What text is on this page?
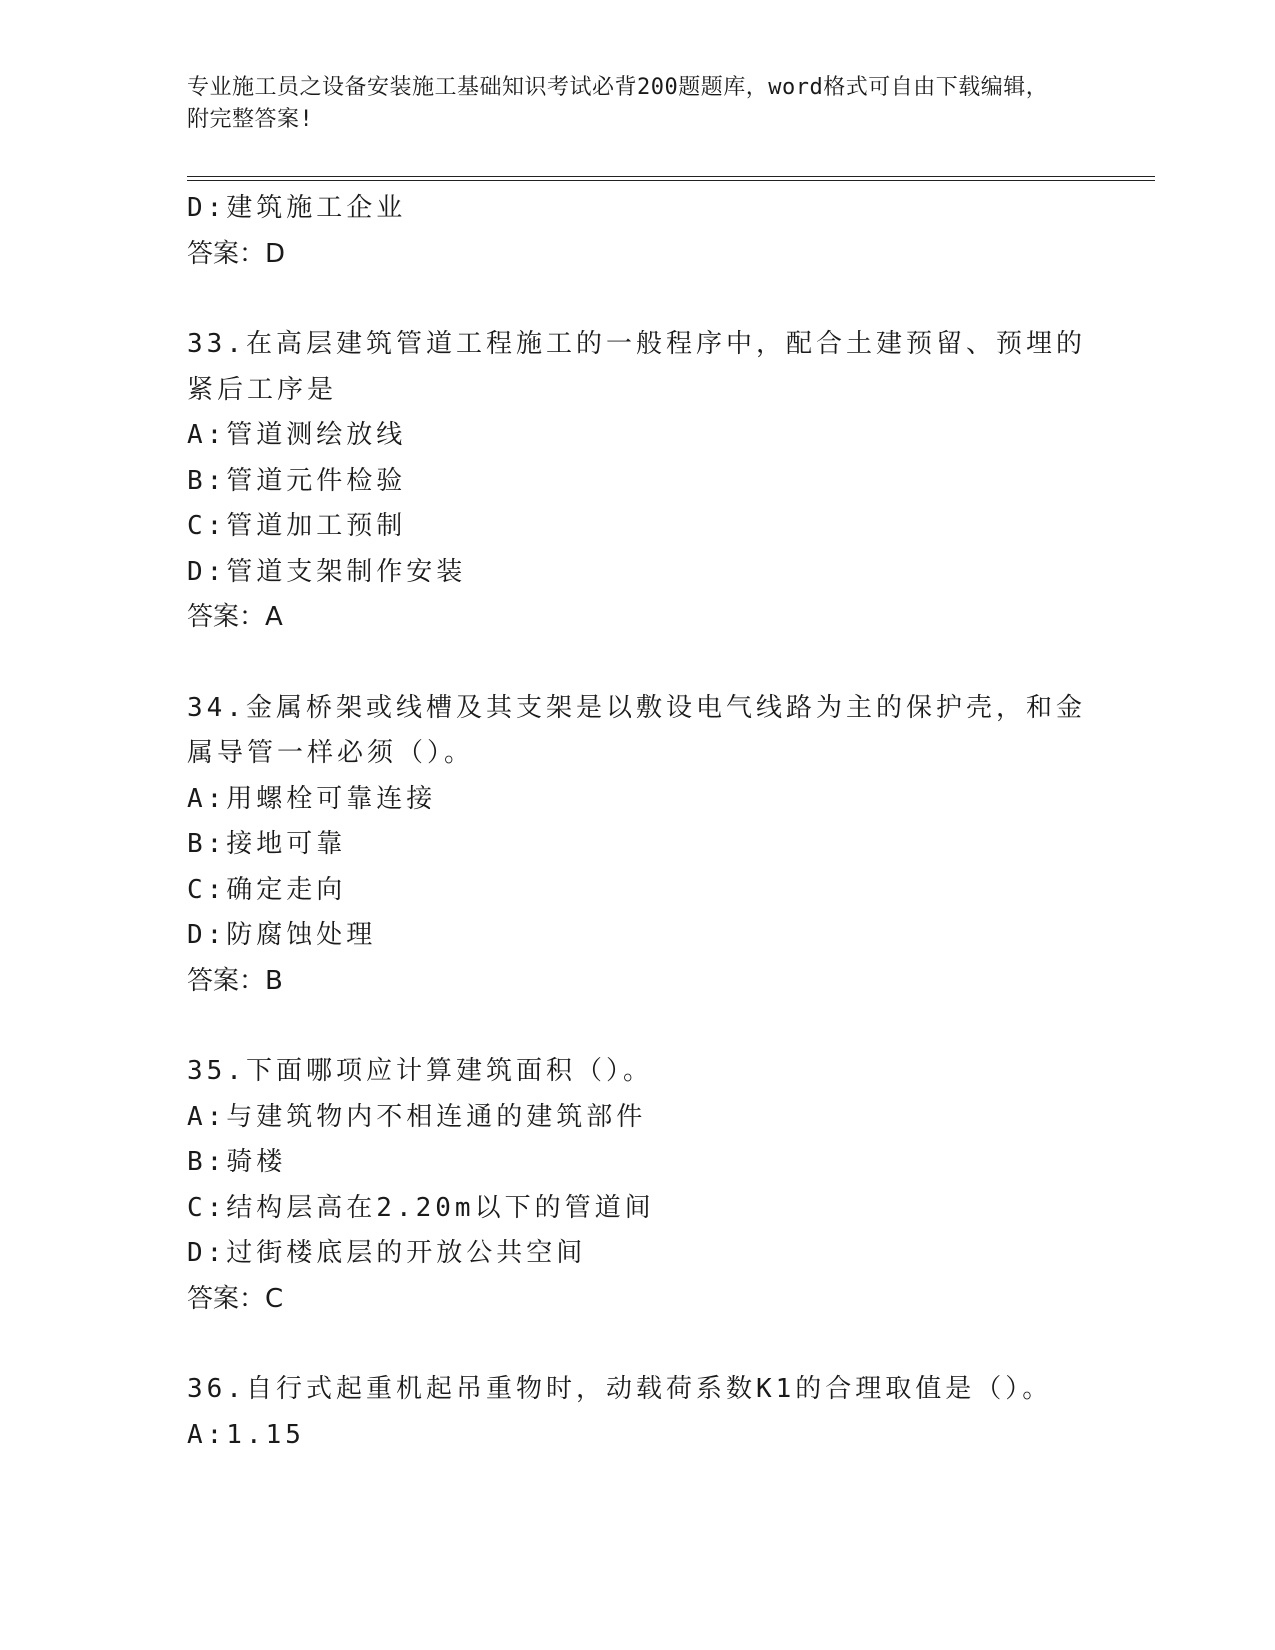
专业施工员之设备安装施工基础知识考试必背200题题库，word格式可自由下载编辑，附完整答案!
D:建筑施工企业
答案：D
33.在高层建筑管道工程施工的一般程序中，配合土建预留、预埋的紧后工序是
A:管道测绘放线
B:管道元件检验
C:管道加工预制
D:管道支架制作安装
答案：A
34.金属桥架或线槽及其支架是以敷设电气线路为主的保护壳，和金属导管一样必须（）。
A:用螺栓可靠连接
B:接地可靠
C:确定走向
D:防腐蚀处理
答案：B
35.下面哪项应计算建筑面积（）。
A:与建筑物内不相连通的建筑部件
B:骑楼
C:结构层高在2.20m以下的管道间
D:过街楼底层的开放公共空间
答案：C
36.自行式起重机起吊重物时，动载荷系数K1的合理取值是（）。
A:1.15
